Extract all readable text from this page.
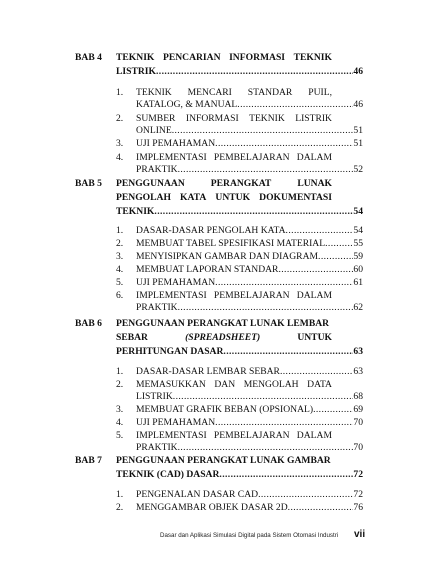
BAB 4 TEKNIK PENCARIAN INFORMASI TEKNIK
LISTRIK .....	46
1. TEKNIK MENCARI STANDAR PUIL,
KATALOG, & MANUAL .....	46
2. SUMBER INFORMASI TEKNIK LISTRIK
ONLINE .....	51
3. UJI PEMAHAMAN .....	51
4. IMPLEMENTASI PEMBELAJARAN DALAM
PRAKTIK .....	52
BAB 5 PENGGUNAAN	PERANGKAT	LUNAK
PENGOLAH KATA UNTUK DOKUMENTASI
TEKNIK .....	54
1. DASAR-DASAR PENGOLAH KATA .....	54
2. MEMBUAT TABEL SPESIFIKASI MATERIAL .....	55
3. MENYISIPKAN GAMBAR DAN DIAGRAM .....	59
4. MEMBUAT LAPORAN STANDAR .....	60
5. UJI PEMAHAMAN .....	61
6. IMPLEMENTASI PEMBELAJARAN DALAM
PRAKTIK .....	62
BAB 6 PENGGUNAAN PERANGKAT LUNAK LEMBAR
SEBAR	(SPREADSHEET)	UNTUK
PERHITUNGAN DASAR .....	63
1. DASAR-DASAR LEMBAR SEBAR .....	63
2. MEMASUKKAN DAN MENGOLAH DATA
LISTRIK .....	68
3. MEMBUAT GRAFIK BEBAN (OPSIONAL) .....	69
4. UJI PEMAHAMAN .....	70
5. IMPLEMENTASI PEMBELAJARAN DALAM
PRAKTIK .....	70
BAB 7 PENGGUNAAN PERANGKAT LUNAK GAMBAR
TEKNIK (CAD) DASAR .....	72
1. PENGENALAN DASAR CAD .....	72
2. MENGGAMBAR OBJEK DASAR 2D .....	76
Dasar dan Aplikasi Simulasi Digital pada Sistem Otomasi Industri vii
